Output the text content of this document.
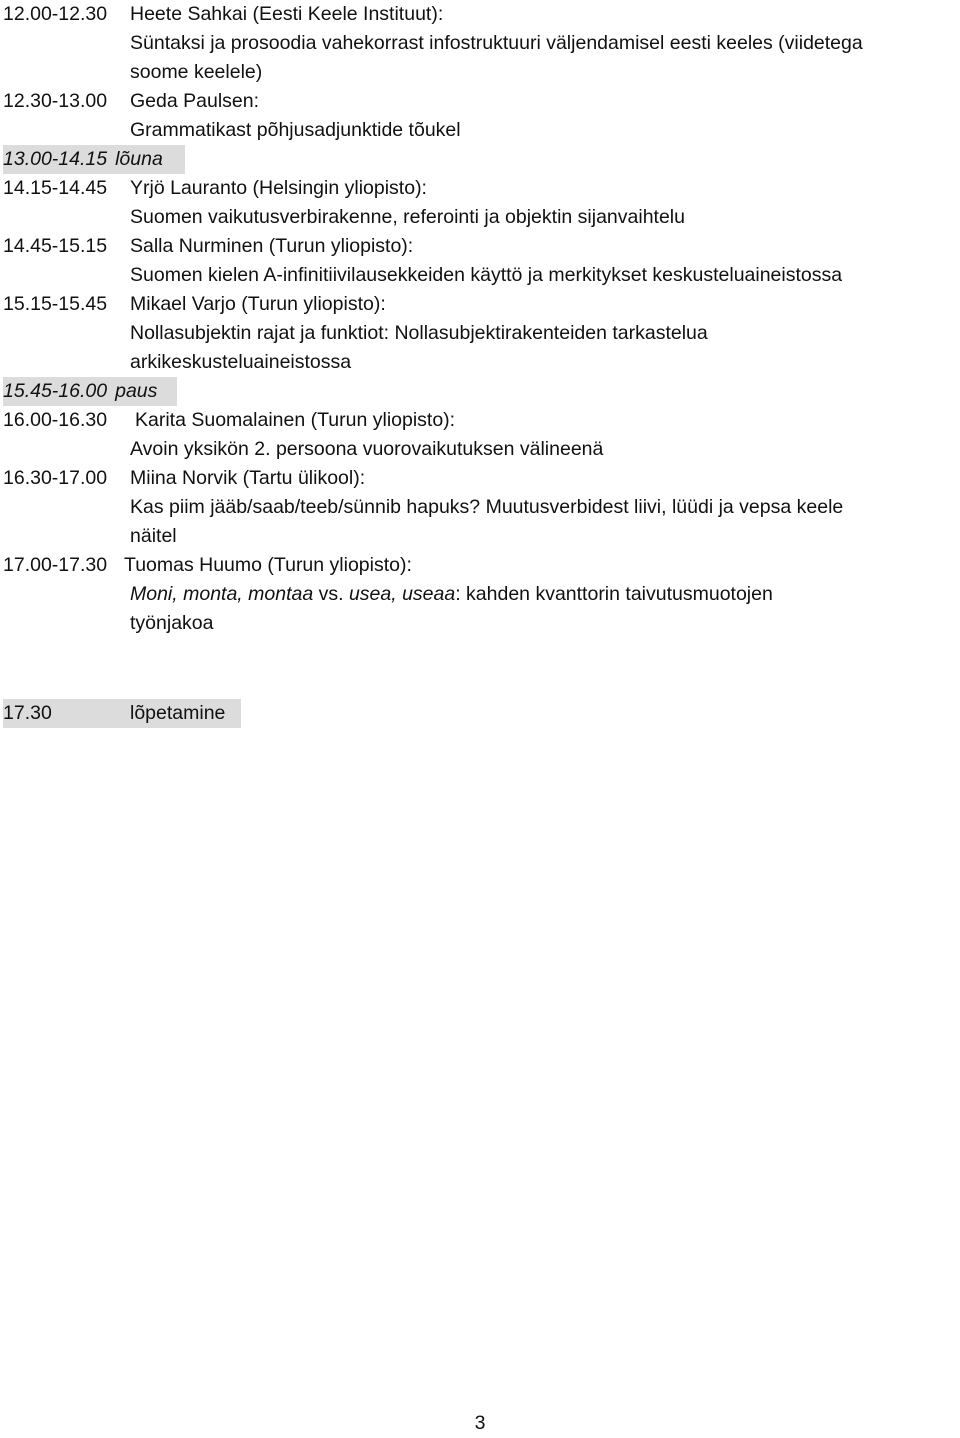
12.00-12.30 Heete Sahkai (Eesti Keele Instituut):
Süntaksi ja prosoodia vahekorrast infostruktuuri väljendamisel eesti keeles (viidetega
soome keelele)
12.30-13.00 Geda Paulsen:
Grammatikast põhjusadjunktide tõukel
13.00-14.15 lõuna
14.15-14.45 Yrjö Lauranto (Helsingin yliopisto):
Suomen vaikutusverbirakenne, referointi ja objektin sijanvaihtelu
14.45-15.15 Salla Nurminen (Turun yliopisto):
Suomen kielen A-infinitiivilausekkeiden käyttö ja merkitykset keskusteluaineistossa
15.15-15.45 Mikael Varjo (Turun yliopisto):
Nollasubjektin rajat ja funktiot: Nollasubjektirakenteiden tarkastelua
arkikeskusteluaineistossa
15.45-16.00 paus
16.00-16.30 Karita Suomalainen (Turun yliopisto):
Avoin yksikön 2. persoona vuorovaikutuksen välineenä
16.30-17.00 Miina Norvik (Tartu ülikool):
Kas piim jääb/saab/teeb/sünnib hapuks? Muutusverbidest liivi, lüüdi ja vepsa keele
näitel
17.00-17.30 Tuomas Huumo (Turun yliopisto):
Moni, monta, montaa vs. usea, useaa: kahden kvanttorin taivutusmuotojen
työnjakoa
17.30	lõpetamine
3
